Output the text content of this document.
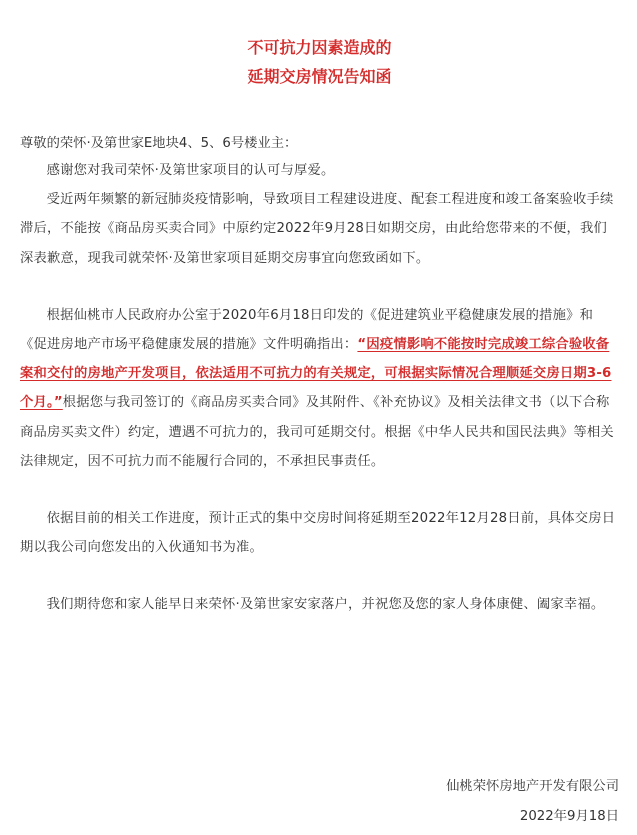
不可抗力因素造成的
延期交房情况告知函

尊敬的荣怀·及第世家E地块4、5、6号楼业主：

感谢您对我司荣怀·及第世家项目的认可与厚爱。

受近两年频繁的新冠肺炎疫情影响，导致项目工程建设进度、配套工程进度和竣工备案验收手续滞后，不能按《商品房买卖合同》中原约定2022年9月28日如期交房，由此给您带来的不便，我们深表歉意，现我司就荣怀·及第世家项目延期交房事宜向您致函如下。

根据仙桃市人民政府办公室于2020年6月18日印发的《促进建筑业平稳健康发展的措施》和《促进房地产市场平稳健康发展的措施》文件明确指出：“因疫情影响不能按时完成竣工综合验收备案和交付的房地产开发项目，依法适用不可抗力的有关规定，可根据实际情况合理顺延交房日期3-6个月。”根据您与我司签订的《商品房买卖合同》及其附件、《补充协议》及相关法律文书（以下合称商品房买卖文件）约定，遭遇不可抗力的，我司可延期交付。根据《中华人民共和国民法典》等相关法律规定，因不可抗力而不能履行合同的，不承担民事责任。

依据目前的相关工作进度，预计正式的集中交房时间将延期至2022年12月28日前，具体交房日期以我公司向您发出的入伙通知书为准。

我们期待您和家人能早日来荣怀·及第世家安家落户，并祝您及您的家人身体康健、阖家幸福。

仙桃荣怀房地产开发有限公司

2022年9月18日
